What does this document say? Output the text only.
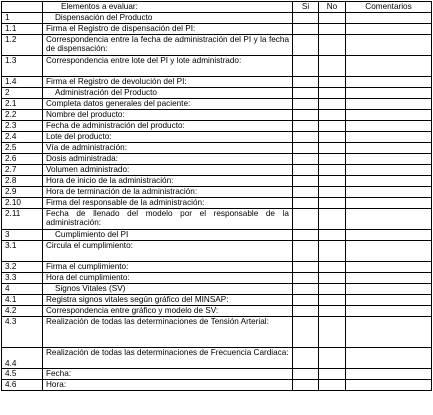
	Elementos a evaluar:	Si	No	Comentarios
1	Dispensación del Producto			
1.1	Firma el Registro de dispensación del PI:			
1.2	Correspondencia entre la fecha de administración del PI y la fecha de dispensación:			
1.3	Correspondencia entre lote del PI y lote administrado:			
1.4	Firma el Registro de devolución del PI:			
2	Administración del Producto			
2.1	Completa datos generales del paciente:			
2.2	Nombre del producto:			
2.3	Fecha de administración del producto:			
2.4	Lote del producto:			
2.5	Vía de administración:			
2.6	Dosis administrada:			
2.7	Volumen administrado:			
2.8	Hora de inicio de la administración:			
2.9	Hora de terminación de la administración:			
2.10	Firma del responsable de la administración:			
2.11	Fecha de llenado del modelo por el responsable de la administración:			
3	Cumplimiento del PI			
3.1	Circula el cumplimiento:			
3.2	Firma el cumplimiento:			
3.3	Hora del cumplimiento:			
4	Signos Vitales (SV)			
4.1	Registra signos vitales según gráfico del MINSAP:			
4.2	Correspondencia entre gráfico y modelo de SV:			
4.3	Realización de todas las determinaciones de Tensión Arterial:			
4.4	Realización de todas las determinaciones de Frecuencia Cardiaca:			
4.5	Fecha:			
4.6	Hora:			
